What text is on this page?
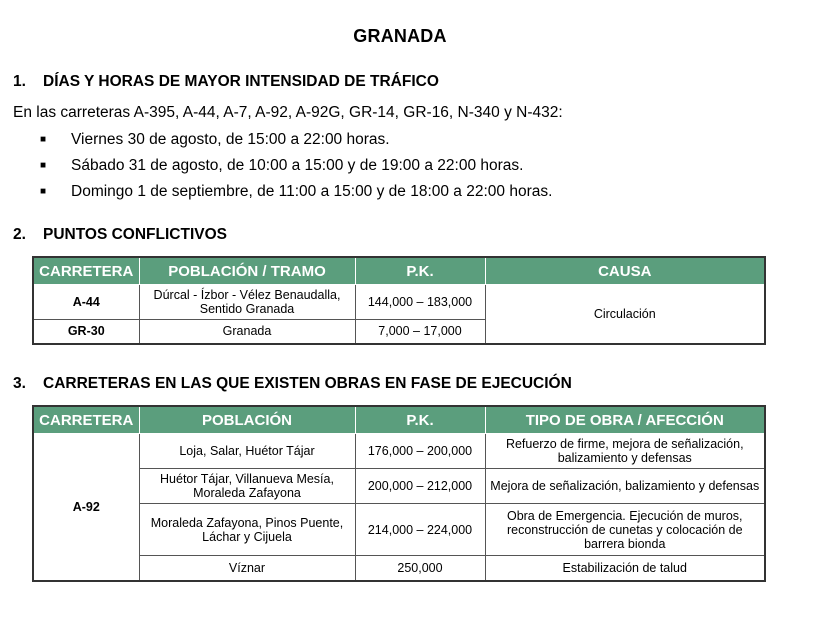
GRANADA
1. DÍAS Y HORAS DE MAYOR INTENSIDAD DE TRÁFICO
En las carreteras A-395, A-44, A-7, A-92, A-92G, GR-14, GR-16, N-340 y N-432:
■ Viernes 30 de agosto, de 15:00 a 22:00 horas.
■ Sábado 31 de agosto, de 10:00 a 15:00 y de 19:00 a 22:00 horas.
■ Domingo 1 de septiembre, de 11:00 a 15:00 y de 18:00 a 22:00 horas.
2. PUNTOS CONFLICTIVOS
CARRETERA	POBLACIÓN / TRAMO	P.K.	CAUSA
A-44	Dúrcal - Ízbor - Vélez Benaudalla, Sentido Granada	144,000 – 183,000	Circulación
GR-30	Granada	7,000 – 17,000	
3. CARRETERAS EN LAS QUE EXISTEN OBRAS EN FASE DE EJECUCIÓN
CARRETERA	POBLACIÓN	P.K.	TIPO DE OBRA / AFECCIÓN
A-92	Loja, Salar, Huétor Tájar	176,000 – 200,000	Refuerzo de firme, mejora de señalización, balizamiento y defensas
	Huétor Tájar, Villanueva Mesía, Moraleda Zafayona	200,000 – 212,000	Mejora de señalización, balizamiento y defensas
	Moraleda Zafayona, Pinos Puente, Láchar y Cijuela	214,000 – 224,000	Obra de Emergencia. Ejecución de muros, reconstrucción de cunetas y colocación de barrera bionda
	Víznar	250,000	Estabilización de talud
